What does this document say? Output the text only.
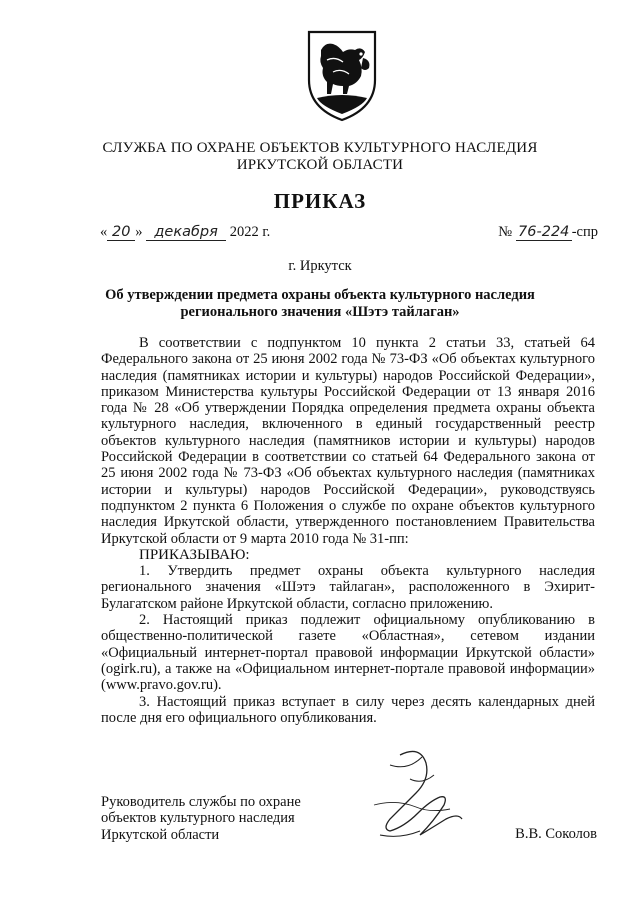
СЛУЖБА ПО ОХРАНЕ ОБЪЕКТОВ КУЛЬТУРНОГО НАСЛЕДИЯ
ИРКУТСКОЙ ОБЛАСТИ
ПРИКАЗ
« 20 » декабря 2022 г.	№ 76-224 -спр
г. Иркутск
Об утверждении предмета охраны объекта культурного наследия
регионального значения «Шэтэ тайлаган»

В соответствии с подпунктом 10 пункта 2 статьи 33, статьей 64 Федерального закона от 25 июня 2002 года № 73-ФЗ «Об объектах культурного наследия (памятниках истории и культуры) народов Российской Федерации», приказом Министерства культуры Российской Федерации от 13 января 2016 года № 28 «Об утверждении Порядка определения предмета охраны объекта культурного наследия, включенного в единый государственный реестр объектов культурного наследия (памятников истории и культуры) народов Российской Федерации в соответствии со статьей 64 Федерального закона от 25 июня 2002 года № 73-ФЗ «Об объектах культурного наследия (памятниках истории и культуры) народов Российской Федерации», руководствуясь подпунктом 2 пункта 6 Положения о службе по охране объектов культурного наследия Иркутской области, утвержденного постановлением Правительства Иркутской области от 9 марта 2010 года № 31-пп:

ПРИКАЗЫВАЮ:

1. Утвердить предмет охраны объекта культурного наследия регионального значения «Шэтэ тайлаган», расположенного в Эхирит-Булагатском районе Иркутской области, согласно приложению.

2. Настоящий приказ подлежит официальному опубликованию в общественно-политической газете «Областная», сетевом издании «Официальный интернет-портал правовой информации Иркутской области» (ogirk.ru), а также на «Официальном интернет-портале правовой информации» (www.pravo.gov.ru).

3. Настоящий приказ вступает в силу через десять календарных дней после дня его официального опубликования.

Руководитель службы по охране
объектов культурного наследия
Иркутской области	В.В. Соколов
